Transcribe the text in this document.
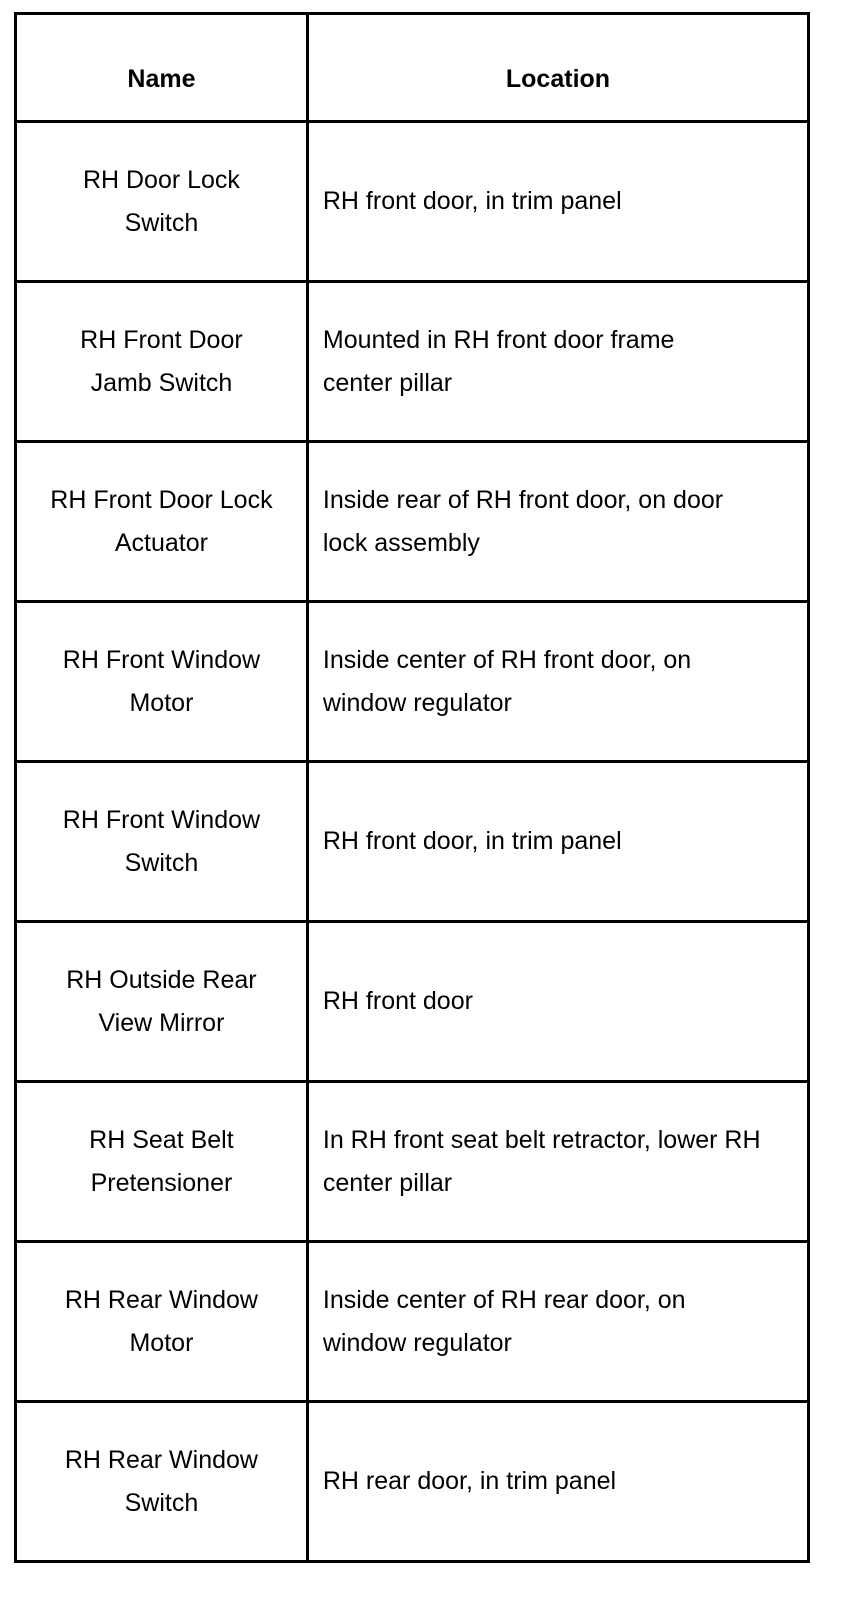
Name	Location
RH Door Lock Switch
RH front door, in trim panel
RH Front Door Jamb Switch
Mounted in RH front door frame center pillar
RH Front Door Lock Actuator
Inside rear of RH front door, on door lock assembly
RH Front Window Motor
Inside center of RH front door, on window regulator
RH Front Window Switch
RH front door, in trim panel
RH Outside Rear View Mirror
RH front door
RH Seat Belt Pretensioner
In RH front seat belt retractor, lower RH center pillar
RH Rear Window Motor
Inside center of RH rear door, on window regulator
RH Rear Window Switch
RH rear door, in trim panel
